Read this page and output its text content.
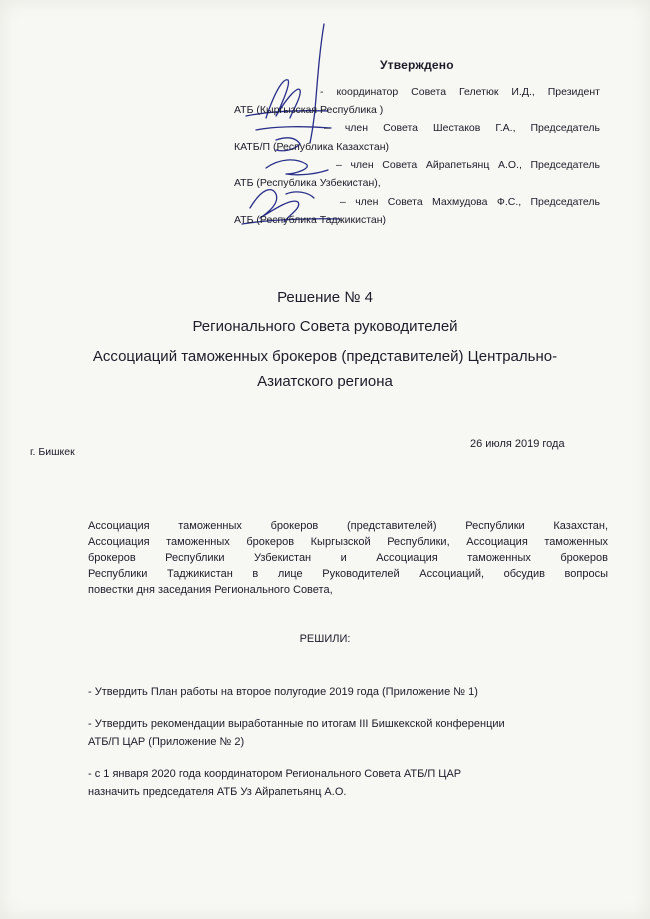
Утверждено
- координатор Совета Гелетюк И.Д., Президент
АТБ (Кыргызская Республика )
– член Совета Шестаков Г.А., Председатель
КАТБ/П (Республика Казахстан)
– член Совета Айрапетьянц А.О., Председатель
АТБ (Республика Узбекистан),
– член Совета Махмудова Ф.С., Председатель
АТБ (Республика Таджикистан)
Решение № 4
Регионального Совета руководителей
Ассоциаций таможенных брокеров (представителей) Центрально-
Азиатского региона
г. Бишкек
26 июля 2019 года
Ассоциация таможенных брокеров (представителей) Республики Казахстан,
Ассоциация таможенных брокеров Кыргызской Республики, Ассоциация таможенных
брокеров Республики Узбекистан и Ассоциация таможенных брокеров
Республики Таджикистан в лице Руководителей Ассоциаций, обсудив вопросы
повестки дня заседания Регионального Совета,
РЕШИЛИ:
- Утвердить План работы на второе полугодие 2019 года (Приложение № 1)
- Утвердить рекомендации выработанные по итогам III Бишкекской конференции
АТБ/П ЦАР (Приложение № 2)
- с 1 января 2020 года координатором Регионального Совета АТБ/П ЦАР
назначить председателя АТБ Уз Айрапетьянц А.О.
